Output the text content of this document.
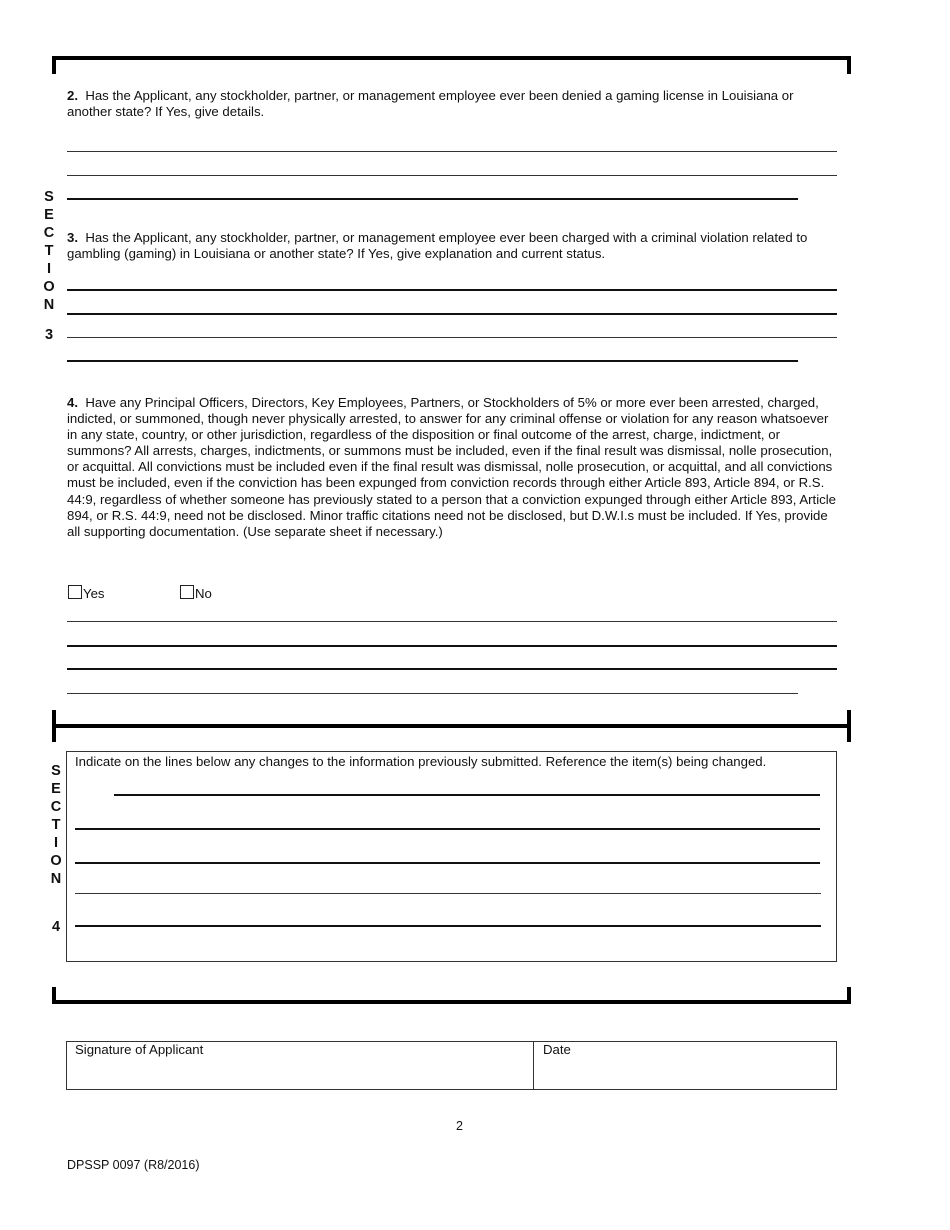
S
E
C
T
I
O
N
3
2. Has the Applicant, any stockholder, partner, or management employee ever been denied a gaming license in Louisiana or another state? If Yes, give details.
3. Has the Applicant, any stockholder, partner, or management employee ever been charged with a criminal violation related to gambling (gaming) in Louisiana or another state? If Yes, give explanation and current status.
4. Have any Principal Officers, Directors, Key Employees, Partners, or Stockholders of 5% or more ever been arrested, charged, indicted, or summoned, though never physically arrested, to answer for any criminal offense or violation for any reason whatsoever in any state, country, or other jurisdiction, regardless of the disposition or final outcome of the arrest, charge, indictment, or summons? All arrests, charges, indictments, or summons must be included, even if the final result was dismissal, nolle prosecution, or acquittal. All convictions must be included even if the final result was dismissal, nolle prosecution, or acquittal, and all convictions must be included, even if the conviction has been expunged from conviction records through either Article 893, Article 894, or R.S. 44:9, regardless of whether someone has previously stated to a person that a conviction expunged through either Article 893, Article 894, or R.S. 44:9, need not be disclosed. Minor traffic citations need not be disclosed, but D.W.I.s must be included. If Yes, provide all supporting documentation. (Use separate sheet if necessary.)
Yes	No
S
E
C
T
I
O
N
4
Indicate on the lines below any changes to the information previously submitted. Reference the item(s) being changed.
Signature of Applicant	Date
2
DPSSP 0097 (R8/2016)
